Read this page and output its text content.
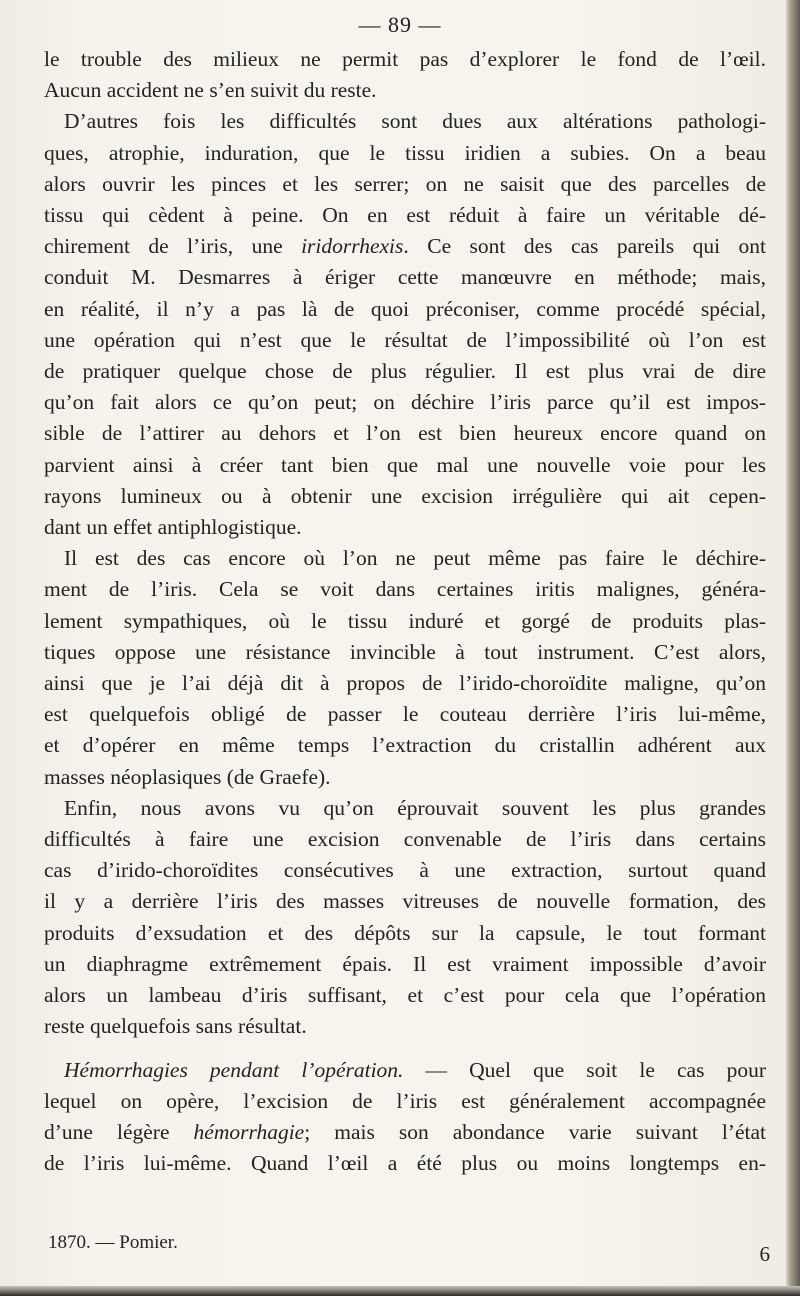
— 89 —
le trouble des milieux ne permit pas d’explorer le fond de l’œil.
Aucun accident ne s’en suivit du reste.
D’autres fois les difficultés sont dues aux altérations pathologi-
ques, atrophie, induration, que le tissu iridien a subies. On a beau
alors ouvrir les pinces et les serrer; on ne saisit que des parcelles de
tissu qui cèdent à peine. On en est réduit à faire un véritable dé-
chirement de l’iris, une iridorrhexis. Ce sont des cas pareils qui ont
conduit M. Desmarres à ériger cette manœuvre en méthode; mais,
en réalité, il n’y a pas là de quoi préconiser, comme procédé spécial,
une opération qui n’est que le résultat de l’impossibilité où l’on est
de pratiquer quelque chose de plus régulier. Il est plus vrai de dire
qu’on fait alors ce qu’on peut; on déchire l’iris parce qu’il est impos-
sible de l’attirer au dehors et l’on est bien heureux encore quand on
parvient ainsi à créer tant bien que mal une nouvelle voie pour les
rayons lumineux ou à obtenir une excision irrégulière qui ait cepen-
dant un effet antiphlogistique.
Il est des cas encore où l’on ne peut même pas faire le déchire-
ment de l’iris. Cela se voit dans certaines iritis malignes, généra-
lement sympathiques, où le tissu induré et gorgé de produits plas-
tiques oppose une résistance invincible à tout instrument. C’est alors,
ainsi que je l’ai déjà dit à propos de l’irido-choroïdite maligne, qu’on
est quelquefois obligé de passer le couteau derrière l’iris lui-même,
et d’opérer en même temps l’extraction du cristallin adhérent aux
masses néoplasiques (de Graefe).
Enfin, nous avons vu qu’on éprouvait souvent les plus grandes
difficultés à faire une excision convenable de l’iris dans certains
cas d’irido-choroïdites consécutives à une extraction, surtout quand
il y a derrière l’iris des masses vitreuses de nouvelle formation, des
produits d’exsudation et des dépôts sur la capsule, le tout formant
un diaphragme extrêmement épais. Il est vraiment impossible d’avoir
alors un lambeau d’iris suffisant, et c’est pour cela que l’opération
reste quelquefois sans résultat.
Hémorrhagies pendant l’opération. — Quel que soit le cas pour
lequel on opère, l’excision de l’iris est généralement accompagnée
d’une légère hémorrhagie; mais son abondance varie suivant l’état
de l’iris lui-même. Quand l’œil a été plus ou moins longtemps en-
1870. — Pomier.	6
